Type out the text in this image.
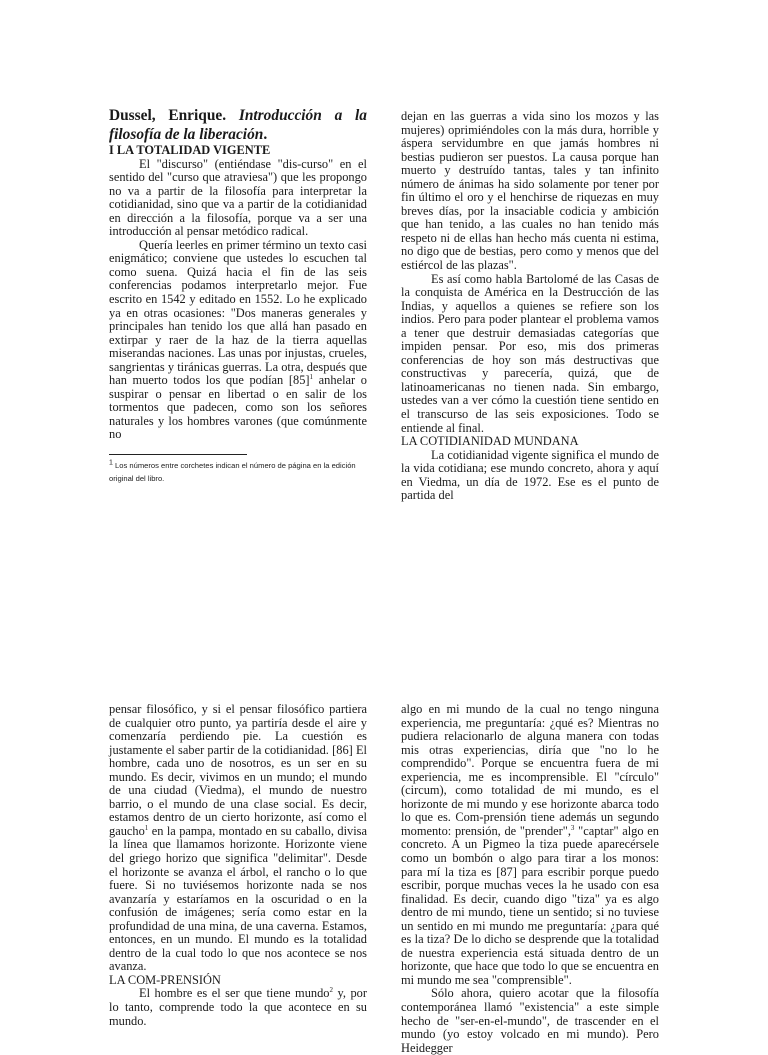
Dussel, Enrique. Introducción a la filosofía de la liberación.

I LA TOTALIDAD VIGENTE

El "discurso" (entiéndase "dis-curso" en el sentido del "curso que atraviesa") que les propongo no va a partir de la filosofía para interpretar la cotidianidad, sino que va a partir de la cotidianidad en dirección a la filosofía, porque va a ser una introducción al pensar metódico radical.

Quería leerles en primer término un texto casi enigmático; conviene que ustedes lo escuchen tal como suena. Quizá hacia el fin de las seis conferencias podamos interpretarlo mejor. Fue escrito en 1542 y editado en 1552. Lo he explicado ya en otras ocasiones: "Dos maneras generales y principales han tenido los que allá han pasado en extirpar y raer de la haz de la tierra aquellas miserandas naciones. Las unas por injustas, crueles, sangrientas y tiránicas guerras. La otra, después que han muerto todos los que podían $[85]^1$ anhelar o suspirar o pensar en libertad o en salir de los tormentos que padecen, como son los señores naturales y los hombres varones (que comúnmente no

$^1$ Los números entre corchetes indican el número de página en la edición original del libro.

dejan en las guerras a vida sino los mozos y las mujeres) oprimiéndoles con la más dura, horrible y áspera servidumbre en que jamás hombres ni bestias pudieron ser puestos. La causa porque han muerto y destruído tantas, tales y tan infinito número de ánimas ha sido solamente por tener por fin último el oro y el henchirse de riquezas en muy breves días, por la insaciable codicia y ambición que han tenido, a las cuales no han tenido más respeto ni de ellas han hecho más cuenta ni estima, no digo que de bestias, pero como y menos que del estiércol de las plazas".

Es así como habla Bartolomé de las Casas de la conquista de América en la Destrucción de las Indias, y aquellos a quienes se refiere son los indios. Pero para poder plantear el problema vamos a tener que destruir demasiadas categorías que impiden pensar. Por eso, mis dos primeras conferencias de hoy son más destructivas que constructivas y parecería, quizá, que de latinoamericanas no tienen nada. Sin embargo, ustedes van a ver cómo la cuestión tiene sentido en el transcurso de las seis exposiciones. Todo se entiende al final.

LA COTIDIANIDAD MUNDANA

La cotidianidad vigente significa el mundo de la vida cotidiana; ese mundo concreto, ahora y aquí en Viedma, un día de 1972. Ese es el punto de partida del

pensar filosófico, y si el pensar filosófico partiera de cualquier otro punto, ya partiría desde el aire y comenzaría perdiendo pie. La cuestión es justamente el saber partir de la cotidianidad. [86] El hombre, cada uno de nosotros, es un ser en su mundo. Es decir, vivimos en un mundo; el mundo de una ciudad (Viedma), el mundo de nuestro barrio, o el mundo de una clase social. Es decir, estamos dentro de un cierto horizonte, así como el gaucho$^1$ en la pampa, montado en su caballo, divisa la línea que llamamos horizonte. Horizonte viene del griego horizo que significa "delimitar". Desde el horizonte se avanza el árbol, el rancho o lo que fuere. Si no tuviésemos horizonte nada se nos avanzaría y estaríamos en la oscuridad o en la confusión de imágenes; sería como estar en la profundidad de una mina, de una caverna. Estamos, entonces, en un mundo. El mundo es la totalidad dentro de la cual todo lo que nos acontece se nos avanza.

LA COM-PRENSIÓN

El hombre es el ser que tiene mundo$^2$ y, por lo tanto, comprende todo la que acontece en su mundo.

algo en mi mundo de la cual no tengo ninguna experiencia, me preguntaría: ¿qué es? Mientras no pudiera relacionarlo de alguna manera con todas mis otras experiencias, diría que "no lo he comprendido". Porque se encuentra fuera de mi experiencia, me es incomprensible. El "círculo" (circum), como totalidad de mi mundo, es el horizonte de mi mundo y ese horizonte abarca todo lo que es. Com-prensión tiene además un segundo momento: prensión, de "prender",$^3$ "captar" algo en concreto. A un Pigmeo la tiza puede aparecérsele como un bombón o algo para tirar a los monos: para mí la tiza es [87] para escribir porque puedo escribir, porque muchas veces la he usado con esa finalidad. Es decir, cuando digo "tiza" ya es algo dentro de mi mundo, tiene un sentido; si no tuviese un sentido en mi mundo me preguntaría: ¿para qué es la tiza? De lo dicho se desprende que la totalidad de nuestra experiencia está situada dentro de un horizonte, que hace que todo lo que se encuentra en mi mundo me sea "comprensible".

Sólo ahora, quiero acotar que la filosofía contemporánea llamó "existencia" a este simple hecho de "ser-en-el-mundo", de trascender en el mundo (yo estoy volcado en mi mundo). Pero Heidegger
